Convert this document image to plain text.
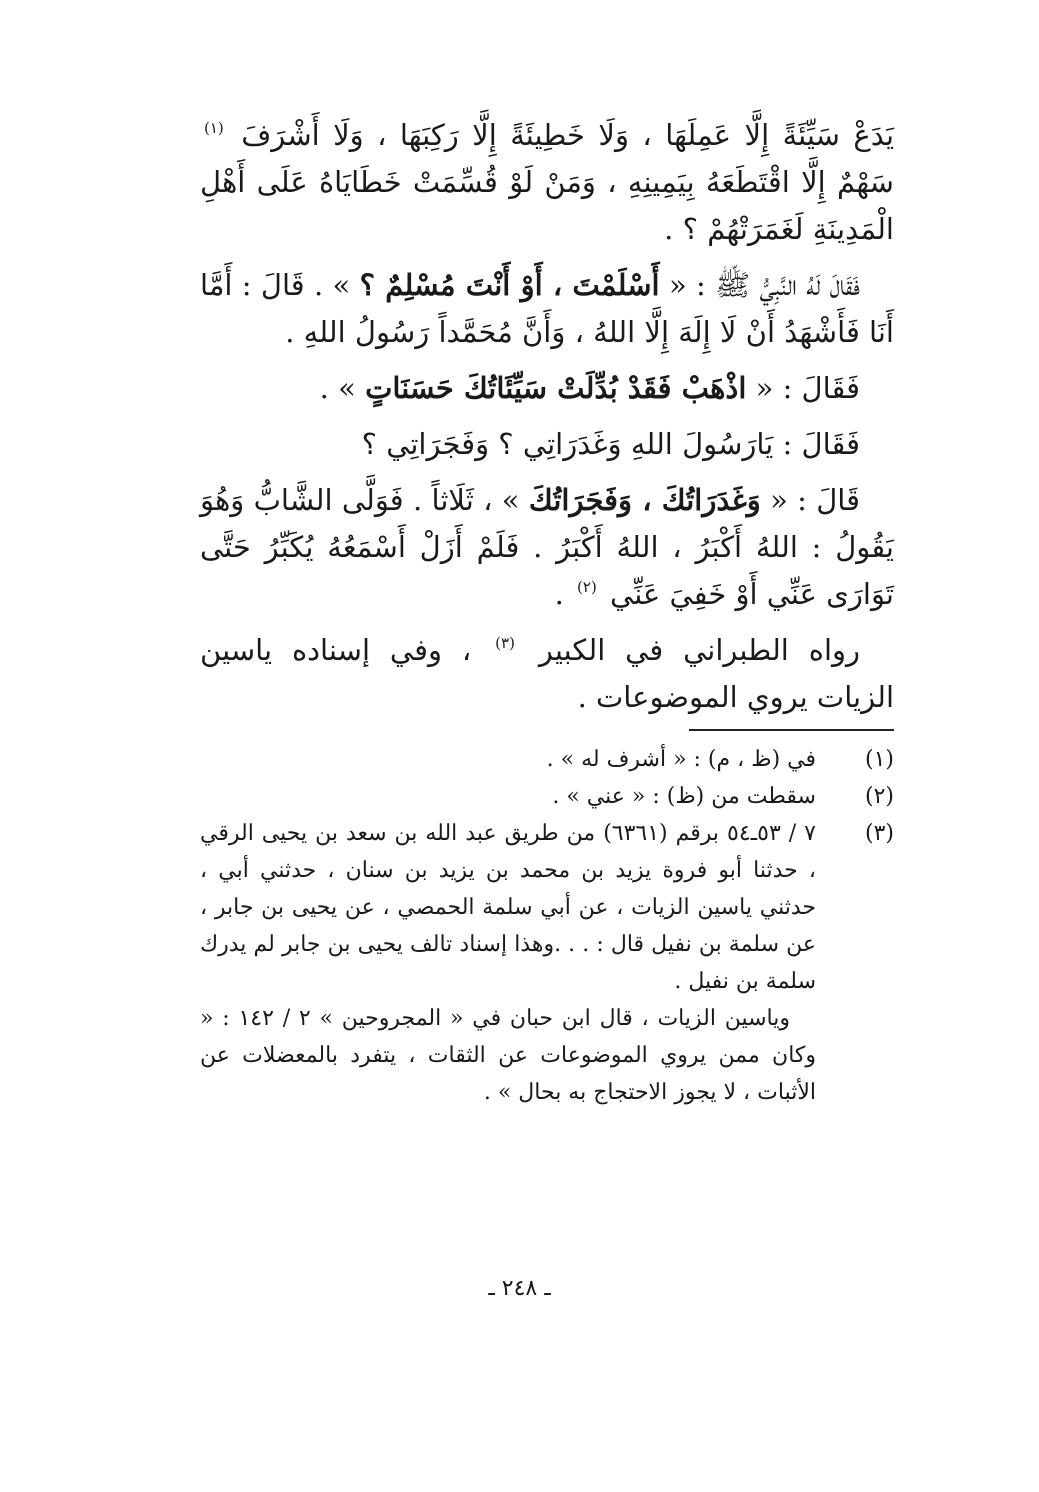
يَدَعْ سَيِّئَةً إِلَّا عَمِلَهَا ، وَلَا خَطِيئَةً إِلَّا رَكِبَهَا ، وَلَا أَشْرَفَ $^{(١)}$ سَهْمٌ إِلَّا اقْتَطَعَهُ بِيَمِينِهِ ، وَمَنْ لَوْ قُسِّمَتْ خَطَايَاهُ عَلَى أَهْلِ الْمَدِينَةِ لَغَمَرَتْهُمْ ؟ .

فَقَالَ لَهُ النَّبِيُّ ﷺ : « أَسْلَمْتَ ، أَوْ أَنْتَ مُسْلِمٌ ؟ » . قَالَ : أَمَّا أَنَا فَأَشْهَدُ أَنْ لَا إِلَهَ إِلَّا اللهُ ، وَأَنَّ مُحَمَّداً رَسُولُ اللهِ .

فَقَالَ : « اذْهَبْ فَقَدْ بُدِّلَتْ سَيِّئَاتُكَ حَسَنَاتٍ » .

فَقَالَ : يَارَسُولَ اللهِ وَغَدَرَاتِي ؟ وَفَجَرَاتِي ؟

قَالَ : « وَغَدَرَاتُكَ ، وَفَجَرَاتُكَ » ، ثَلَاثاً . فَوَلَّى الشَّابُّ وَهُوَ يَقُولُ : اللهُ أَكْبَرُ ، اللهُ أَكْبَرُ . فَلَمْ أَزَلْ أَسْمَعُهُ يُكَبِّرُ حَتَّى تَوَارَى عَنِّي أَوْ خَفِيَ عَنِّي $^{(٢)}$ .

رواه الطبراني في الكبير $^{(٣)}$ ، وفي إسناده ياسين الزيات يروي الموضوعات .

(١)
في (ظ ، م) : « أشرف له » .
(٢)
سقطت من (ظ) : « عني » .
(٣)
٧ / ٥٣ـ٥٤ برقم (٦٣٦١) من طريق عبد الله بن سعد بن يحيى الرقي ، حدثنا أبو فروة يزيد بن محمد بن يزيد بن سنان ، حدثني أبي ، حدثني ياسين الزيات ، عن أبي سلمة الحمصي ، عن يحيى بن جابر ، عن سلمة بن نفيل قال : . . .وهذا إسناد تالف يحيى بن جابر لم يدرك سلمة بن نفيل .
وياسين الزيات ، قال ابن حبان في « المجروحين » ٢ / ١٤٢ : « وكان ممن يروي الموضوعات عن الثقات ، يتفرد بالمعضلات عن الأثبات ، لا يجوز الاحتجاج به بحال » .
ـ ٢٤٨ ـ
